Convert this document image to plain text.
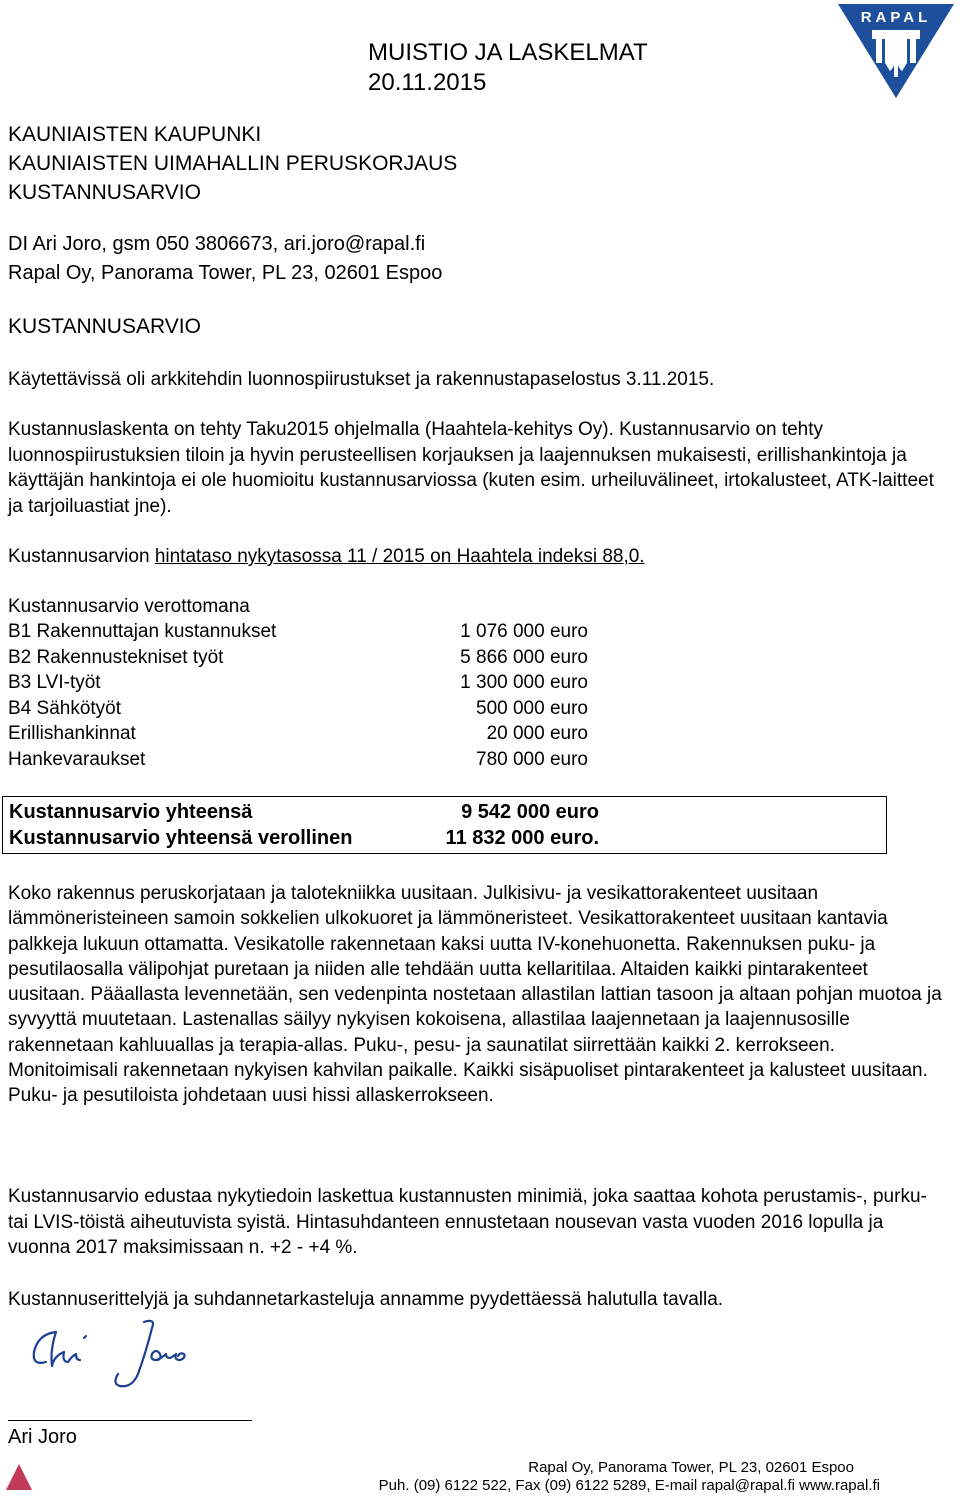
MUISTIO JA LASKELMAT
20.11.2015
RAPAL
KAUNIAISTEN KAUPUNKI
KAUNIAISTEN UIMAHALLIN PERUSKORJAUS
KUSTANNUSARVIO
DI Ari Joro, gsm 050 3806673, ari.joro@rapal.fi
Rapal Oy, Panorama Tower, PL 23, 02601 Espoo
KUSTANNUSARVIO
Käytettävissä oli arkkitehdin luonnospiirustukset ja rakennustapaselostus 3.11.2015.
Kustannuslaskenta on tehty Taku2015 ohjelmalla (Haahtela-kehitys Oy). Kustannusarvio on tehty luonnospiirustuksien tiloin ja hyvin perusteellisen korjauksen ja laajennuksen mukaisesti, erillishankintoja ja käyttäjän hankintoja ei ole huomioitu kustannusarviossa (kuten esim. urheiluvälineet, irtokalusteet, ATK-laitteet ja tarjoiluastiat jne).
Kustannusarvion hintataso nykytasossa 11 / 2015 on Haahtela indeksi 88,0.
Kustannusarvio verottomana
B1 Rakennuttajan kustannukset	1 076 000 euro
B2 Rakennustekniset työt	5 866 000 euro
B3 LVI-työt	1 300 000 euro
B4 Sähkötyöt	500 000 euro
Erillishankinnat	20 000 euro
Hankevaraukset	780 000 euro
Kustannusarvio yhteensä	9 542 000 euro
Kustannusarvio yhteensä verollinen	11 832 000 euro.
Koko rakennus peruskorjataan ja talotekniikka uusitaan. Julkisivu- ja vesikattorakenteet uusitaan lämmöneristeineen samoin sokkelien ulkokuoret ja lämmöneristeet. Vesikattorakenteet uusitaan kantavia palkkeja lukuun ottamatta. Vesikatolle rakennetaan kaksi uutta IV-konehuonetta. Rakennuksen puku- ja pesutilaosalla välipohjat puretaan ja niiden alle tehdään uutta kellaritilaa. Altaiden kaikki pintarakenteet uusitaan. Pääallasta levennetään, sen vedenpinta nostetaan allastilan lattian tasoon ja altaan pohjan muotoa ja syvyyttä muutetaan. Lastenallas säilyy nykyisen kokoisena, allastilaa laajennetaan ja laajennusosille rakennetaan kahluuallas ja terapia-allas. Puku-, pesu- ja saunatilat siirrettään kaikki 2. kerrokseen. Monitoimisali rakennetaan nykyisen kahvilan paikalle. Kaikki sisäpuoliset pintarakenteet ja kalusteet uusitaan. Puku- ja pesutiloista johdetaan uusi hissi allaskerrokseen.
Kustannusarvio edustaa nykytiedoin laskettua kustannusten minimiä, joka saattaa kohota perustamis-, purku- tai LVIS-töistä aiheutuvista syistä. Hintasuhdanteen ennustetaan nousevan vasta vuoden 2016 lopulla ja vuonna 2017 maksimissaan n. +2 - +4 %.
Kustannuserittelyjä ja suhdannetarkasteluja annamme pyydettäessä halutulla tavalla.
Ari Joro
Rapal Oy, Panorama Tower, PL 23, 02601 Espoo
Puh. (09) 6122 522, Fax (09) 6122 5289, E-mail rapal@rapal.fi www.rapal.fi
